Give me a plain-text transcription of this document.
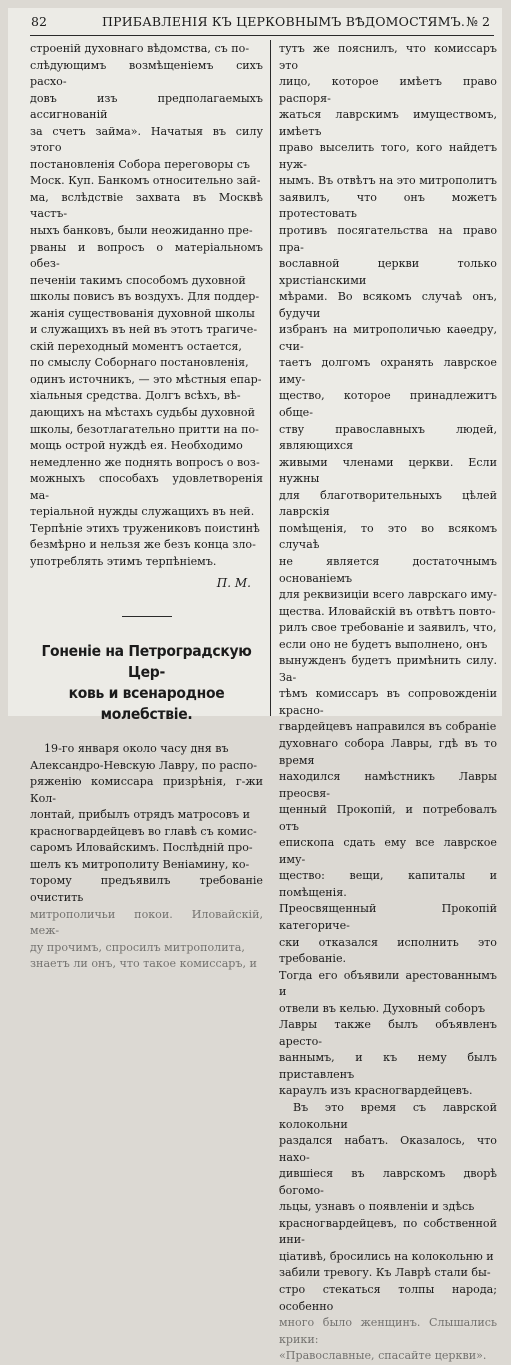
82	ПРИБАВЛЕНІЯ КЪ ЦЕРКОВНЫМЪ ВѢДОМОСТЯМЪ. № 2

строеній духовнаго вѣдомства, съ по-
слѣдующимъ возмѣщеніемъ сихъ расхо-
довъ изъ предполагаемыхъ ассигнованій
за счетъ займа». Начатыя въ силу этого
постановленія Собора переговоры съ
Моск. Куп. Банкомъ относительно зай-
ма, вслѣдствіе захвата въ Москвѣ частъ-
ныхъ банковъ, были неожиданно пре-
рваны и вопросъ о матеріальномъ обез-
печеніи такимъ способомъ духовной
школы повисъ въ воздухъ. Для поддер-
жанія существованія духовной школы
и служащихъ въ ней въ этотъ трагиче-
скій переходный моментъ остается,
по смыслу Соборнаго постановленія,
одинъ источникъ, — это мѣстныя епар-
хіальныя средства. Долгъ всѣхъ, вѣ-
дающихъ на мѣстахъ судьбы духовной
школы, безотлагательно притти на по-
мощь острой нуждѣ ея. Необходимо
немедленно же поднять вопросъ о воз-
можныхъ способахъ удовлетворенія ма-
теріальной нужды служащихъ въ ней.
Терпѣніе этихъ тружениковъ поистинѣ
безмѣрно и нельзя же безъ конца зло-
употреблять этимъ терпѣніемъ.

П. М.
Гоненіе на Петроградскую Цер-
ковь и всенародное молебствіе.

19-го января около часу дня въ
Александро-Невскую Лавру, по распо-
ряженію комиссара призрѣнія, г-жи Кол-
лонтай, прибылъ отрядъ матросовъ и
красногвардейцевъ во главѣ съ комис-
саромъ Иловайскимъ. Послѣдній про-
шелъ къ митрополиту Веніамину, ко-
торому предъявилъ требованіе очистить
митрополичьи покои. Иловайскій, меж-
ду прочимъ, спросилъ митрополита,
знаетъ ли онъ, что такое комиссаръ, и

тутъ же пояснилъ, что комиссаръ это
лицо, которое имѣетъ право распоря-
жаться лаврскимъ имуществомъ, имѣетъ
право выселить того, кого найдетъ нуж-
нымъ. Въ отвѣтъ на это митрополитъ
заявилъ, что онъ можетъ протестовать
противъ посягательства на право пра-
вославной церкви только христіанскими
мѣрами. Во всякомъ случаѣ онъ, будучи
избранъ на митрополичью каѳедру, счи-
таетъ долгомъ охранять лаврское иму-
щество, которое принадлежитъ обще-
ству православныхъ людей, являющихся
живыми членами церкви. Если нужны
для благотворительныхъ цѣлей лаврскія
помѣщенія, то это во всякомъ случаѣ
не является достаточнымъ основаніемъ
для реквизиціи всего лаврскаго иму-
щества. Иловайскій въ отвѣтъ повто-
рилъ свое требованіе и заявилъ, что,
если оно не будетъ выполнено, онъ
вынужденъ будетъ примѣнить силу. За-
тѣмъ комиссаръ въ сопровожденіи красно-
гвардейцевъ направился въ собраніе
духовнаго собора Лавры, гдѣ въ то время
находился намѣстникъ Лавры преосвя-
щенный Прокопій, и потребовалъ отъ
епископа сдать ему все лаврское иму-
щество: вещи, капиталы и помѣщенія.
Преосвященный Прокопій категориче-
ски отказался исполнить это требованіе.
Тогда его объявили арестованнымъ и
отвели въ келью. Духовный соборъ
Лавры также былъ объявленъ аресто-
ваннымъ, и къ нему былъ приставленъ
караулъ изъ красногвардейцевъ.

Въ это время съ лаврской колокольни
раздался набатъ. Оказалось, что нахо-
дившіеся въ лаврскомъ дворѣ богомо-
льцы, узнавъ о появленіи и здѣсь
красногвардейцевъ, по собственной ини-
ціативѣ, бросились на колокольню и
забили тревогу. Къ Лаврѣ стали бы-
стро стекаться толпы народа; особенно
много было женщинъ. Слышались крики:
«Православные, спасайте церкви».
